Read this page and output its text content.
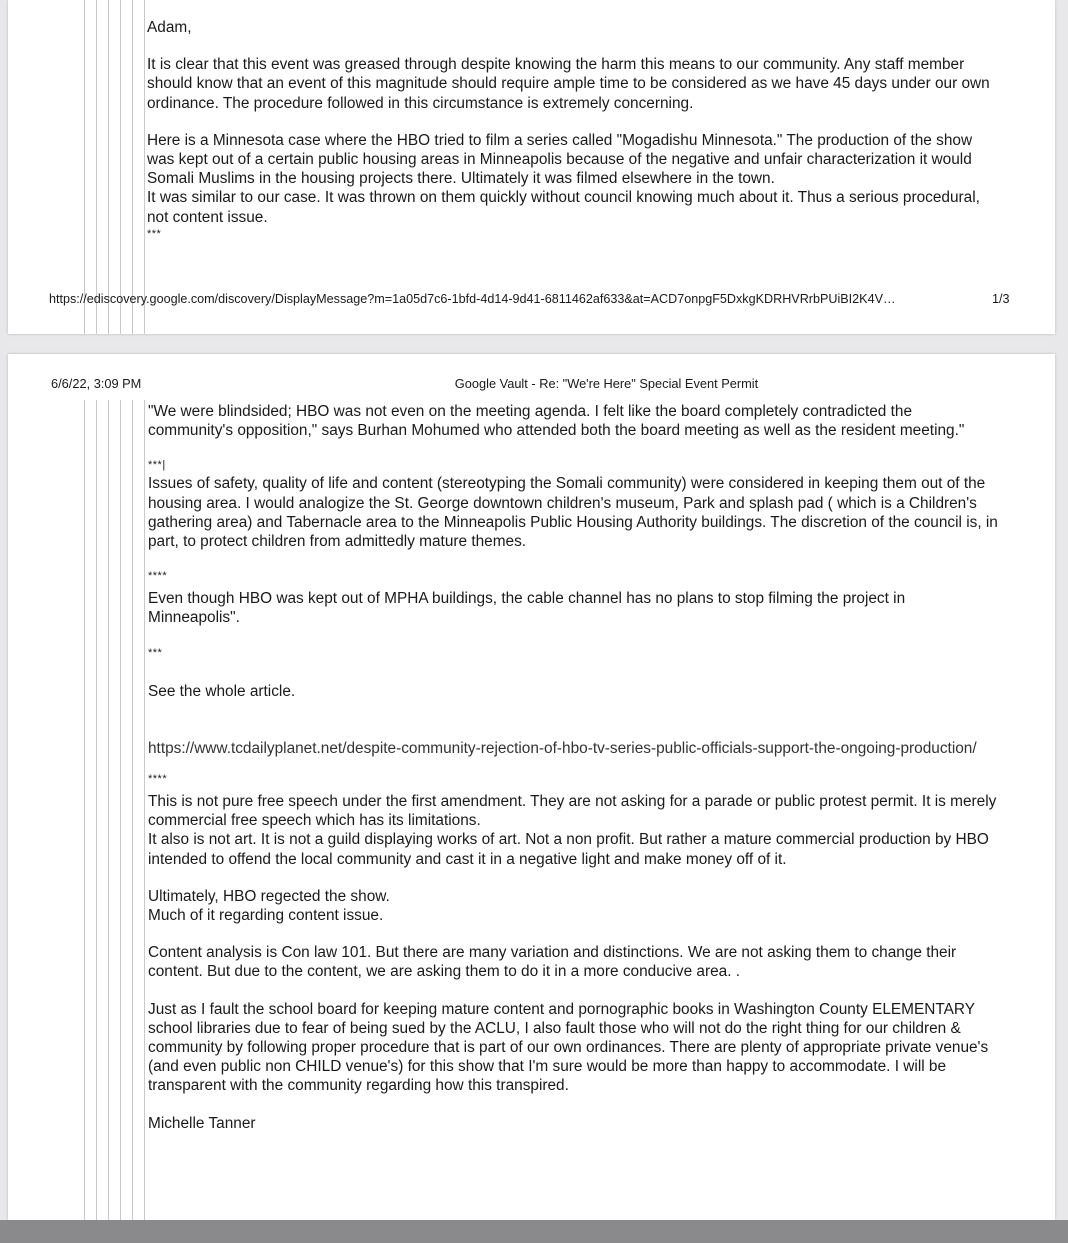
Adam,

It is clear that this event was greased through despite knowing the harm this means to our community. Any staff member should know that an event of this magnitude should require ample time to be considered as we have 45 days under our own ordinance. The procedure followed in this circumstance is extremely concerning.

Here is a Minnesota case where the HBO tried to film a series called "Mogadishu Minnesota." The production of the show was kept out of a certain public housing areas in Minneapolis because of the negative and unfair characterization it would Somali Muslims in the housing projects there. Ultimately it was filmed elsewhere in the town.

It was similar to our case. It was thrown on them quickly without council knowing much about it. Thus a serious procedural, not content issue.

***
https://ediscovery.google.com/discovery/DisplayMessage?m=1a05d7c6-1bfd-4d14-9d41-6811462af633&at=ACD7onpgF5DxkgKDRHVRrbPUiBI2K4V…	1/3
6/6/22, 3:09 PM	Google Vault - Re: "We're Here" Special Event Permit

"We were blindsided; HBO was not even on the meeting agenda. I felt like the board completely contradicted the community's opposition," says Burhan Mohumed who attended both the board meeting as well as the resident meeting."

***|

Issues of safety, quality of life and content (stereotyping the Somali community) were considered in keeping them out of the housing area. I would analogize the St. George downtown children's museum, Park and splash pad ( which is a Children's gathering area) and Tabernacle area to the Minneapolis Public Housing Authority buildings. The discretion of the council is, in part, to protect children from admittedly mature themes.

****

Even though HBO was kept out of MPHA buildings, the cable channel has no plans to stop filming the project in Minneapolis".

***

See the whole article.

https://www.tcdailyplanet.net/despite-community-rejection-of-hbo-tv-series-public-officials-support-the-ongoing-production/

****

This is not pure free speech under the first amendment. They are not asking for a parade or public protest permit. It is merely commercial free speech which has its limitations.

It also is not art. It is not a guild displaying works of art. Not a non profit. But rather a mature commercial production by HBO intended to offend the local community and cast it in a negative light and make money off of it.

Ultimately, HBO regected the show.

Much of it regarding content issue.

Content analysis is Con law 101. But there are many variation and distinctions. We are not asking them to change their content. But due to the content, we are asking them to do it in a more conducive area. .

Just as I fault the school board for keeping mature content and pornographic books in Washington County ELEMENTARY school libraries due to fear of being sued by the ACLU, I also fault those who will not do the right thing for our children & community by following proper procedure that is part of our own ordinances. There are plenty of appropriate private venue's (and even public non CHILD venue's) for this show that I'm sure would be more than happy to accommodate. I will be transparent with the community regarding how this transpired.

Michelle Tanner
